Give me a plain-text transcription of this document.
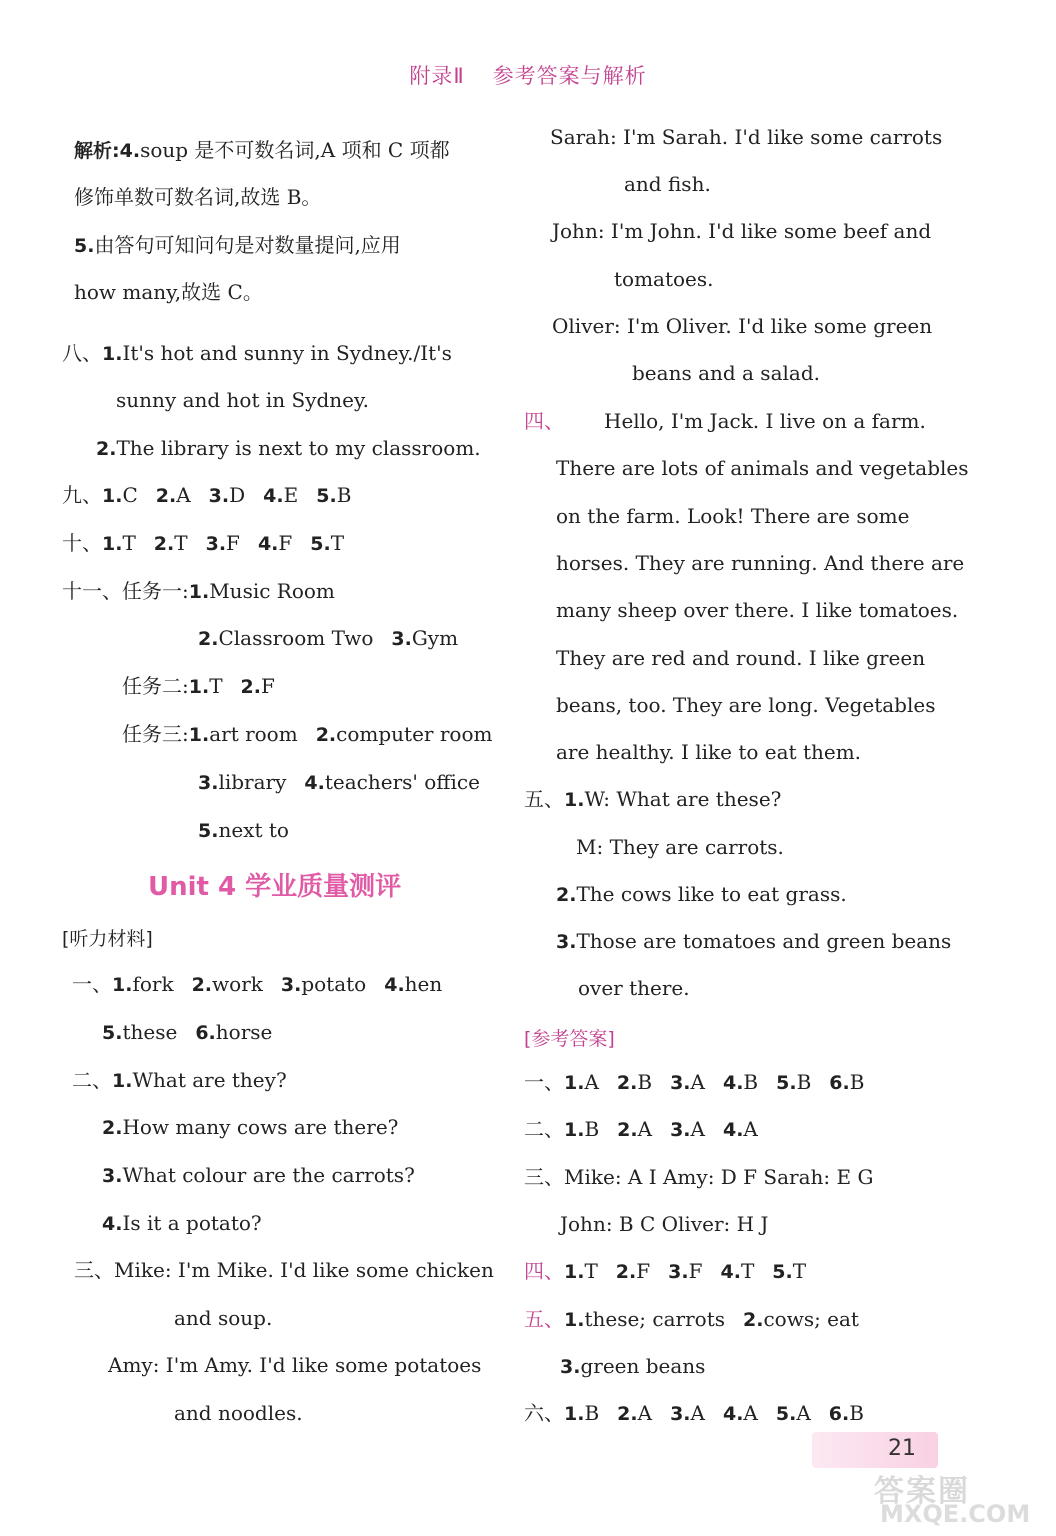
附录Ⅱ 参考答案与解析
解析:4.soup 是不可数名词,A 项和 C 项都
修饰单数可数名词,故选 B。
5.由答句可知问句是对数量提问,应用
how many,故选 C。
八、1.It's hot and sunny in Sydney./It's
sunny and hot in Sydney.
2.The library is next to my classroom.
九、1.C 2.A 3.D 4.E 5.B
十、1.T 2.T 3.F 4.F 5.T
十一、任务一:1.Music Room
2.Classroom Two 3.Gym
任务二:1.T 2.F
任务三:1.art room 2.computer room
3.library 4.teachers' office
5.next to
Unit 4 学业质量测评
[听力材料]
一、1.fork 2.work 3.potato 4.hen
5.these 6.horse
二、1.What are they?
2.How many cows are there?
3.What colour are the carrots?
4.Is it a potato?
三、Mike: I'm Mike. I'd like some chicken
and soup.
Amy: I'm Amy. I'd like some potatoes
and noodles.
Sarah: I'm Sarah. I'd like some carrots
and fish.
John: I'm John. I'd like some beef and
tomatoes.
Oliver: I'm Oliver. I'd like some green
beans and a salad.
四、 Hello, I'm Jack. I live on a farm.
There are lots of animals and vegetables
on the farm. Look! There are some
horses. They are running. And there are
many sheep over there. I like tomatoes.
They are red and round. I like green
beans, too. They are long. Vegetables
are healthy. I like to eat them.
五、1.W: What are these?
M: They are carrots.
2.The cows like to eat grass.
3.Those are tomatoes and green beans
over there.
[参考答案]
一、1.A 2.B 3.A 4.B 5.B 6.B
二、1.B 2.A 3.A 4.A
三、Mike: A I Amy: D F Sarah: E G
John: B C Oliver: H J
四、1.T 2.F 3.F 4.T 5.T
五、1.these; carrots 2.cows; eat
3.green beans
六、1.B 2.A 3.A 4.A 5.A 6.B
21
答案圈
MXQE.COM
